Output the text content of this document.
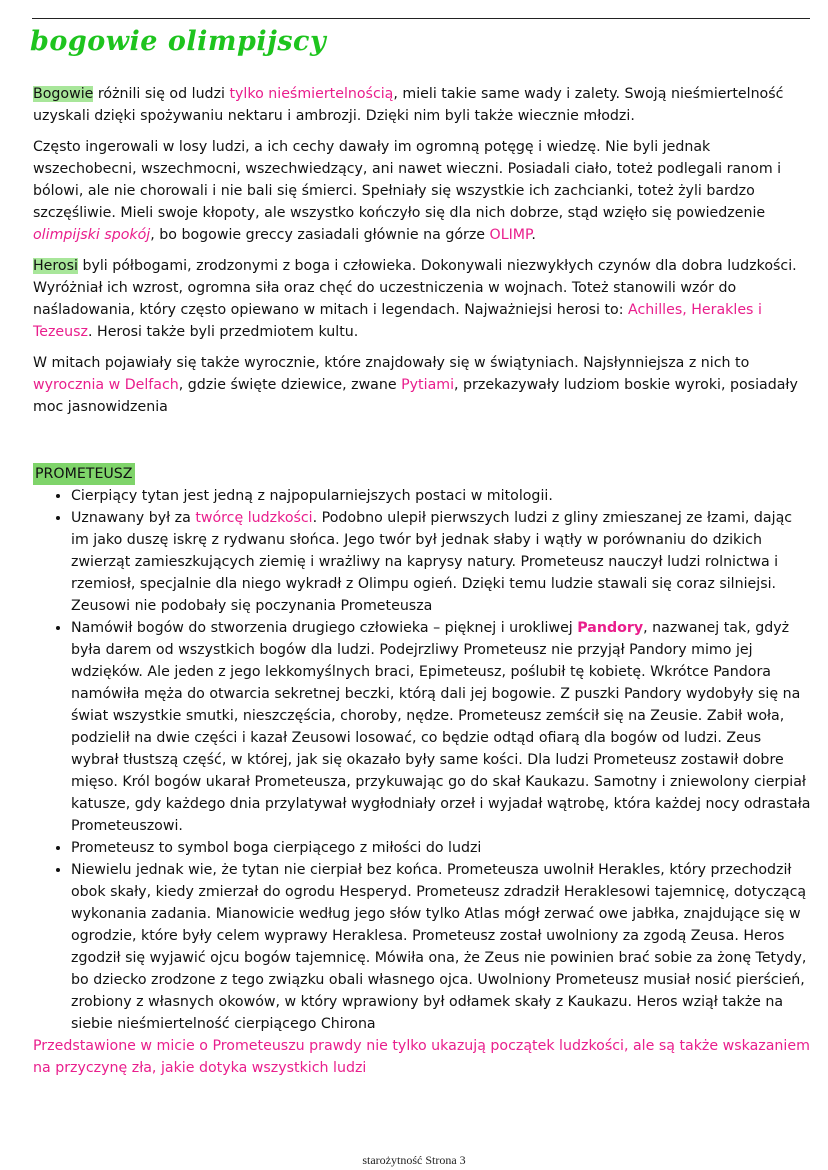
bogowie olimpijscy

Bogowie różnili się od ludzi tylko nieśmiertelnością, mieli takie same wady i zalety. Swoją nieśmiertelność uzyskali dzięki spożywaniu nektaru i ambrozji. Dzięki nim byli także wiecznie młodzi.

Często ingerowali w losy ludzi, a ich cechy dawały im ogromną potęgę i wiedzę. Nie byli jednak wszechobecni, wszechmocni, wszechwiedzący, ani nawet wieczni. Posiadali ciało, toteż podlegali ranom i bólowi, ale nie chorowali i nie bali się śmierci. Spełniały się wszystkie ich zachcianki, toteż żyli bardzo szczęśliwie. Mieli swoje kłopoty, ale wszystko kończyło się dla nich dobrze, stąd wzięło się powiedzenie olimpijski spokój, bo bogowie greccy zasiadali głównie na górze OLIMP.

Herosi byli półbogami, zrodzonymi z boga i człowieka. Dokonywali niezwykłych czynów dla dobra ludzkości. Wyróżniał ich wzrost, ogromna siła oraz chęć do uczestniczenia w wojnach. Toteż stanowili wzór do naśladowania, który często opiewano w mitach i legendach. Najważniejsi herosi to: Achilles, Herakles i Tezeusz. Herosi także byli przedmiotem kultu.

W mitach pojawiały się także wyrocznie, które znajdowały się w świątyniach. Najsłynniejsza z nich to wyrocznia w Delfach, gdzie święte dziewice, zwane Pytiami, przekazywały ludziom boskie wyroki, posiadały moc jasnowidzenia

PROMETEUSZ
• Cierpiący tytan jest jedną z najpopularniejszych postaci w mitologii.
• Uznawany był za twórcę ludzkości. Podobno ulepił pierwszych ludzi z gliny zmieszanej ze łzami, dając im jako duszę iskrę z rydwanu słońca. Jego twór był jednak słaby i wątły w porównaniu do dzikich zwierząt zamieszkujących ziemię i wrażliwy na kaprysy natury. Prometeusz nauczył ludzi rolnictwa i rzemiosł, specjalnie dla niego wykradł z Olimpu ogień. Dzięki temu ludzie stawali się coraz silniejsi. Zeusowi nie podobały się poczynania Prometeusza
• Namówił bogów do stworzenia drugiego człowieka – pięknej i urokliwej Pandory, nazwanej tak, gdyż była darem od wszystkich bogów dla ludzi. Podejrzliwy Prometeusz nie przyjął Pandory mimo jej wdzięków. Ale jeden z jego lekkomyślnych braci, Epimeteusz, poślubił tę kobietę. Wkrótce Pandora namówiła męża do otwarcia sekretnej beczki, którą dali jej bogowie. Z puszki Pandory wydobyły się na świat wszystkie smutki, nieszczęścia, choroby, nędze. Prometeusz zemścił się na Zeusie. Zabił woła, podzielił na dwie części i kazał Zeusowi losować, co będzie odtąd ofiarą dla bogów od ludzi. Zeus wybrał tłustszą część, w której, jak się okazało były same kości. Dla ludzi Prometeusz zostawił dobre mięso. Król bogów ukarał Prometeusza, przykuwając go do skał Kaukazu. Samotny i zniewolony cierpiał katusze, gdy każdego dnia przylatywał wygłodniały orzeł i wyjadał wątrobę, która każdej nocy odrastała Prometeuszowi.
• Prometeusz to symbol boga cierpiącego z miłości do ludzi
• Niewielu jednak wie, że tytan nie cierpiał bez końca. Prometeusza uwolnił Herakles, który przechodził obok skały, kiedy zmierzał do ogrodu Hesperyd. Prometeusz zdradził Heraklesowi tajemnicę, dotyczącą wykonania zadania. Mianowicie według jego słów tylko Atlas mógł zerwać owe jabłka, znajdujące się w ogrodzie, które były celem wyprawy Heraklesa. Prometeusz został uwolniony za zgodą Zeusa. Heros zgodził się wyjawić ojcu bogów tajemnicę. Mówiła ona, że Zeus nie powinien brać sobie za żonę Tetydy, bo dziecko zrodzone z tego związku obali własnego ojca. Uwolniony Prometeusz musiał nosić pierścień, zrobiony z własnych okowów, w który wprawiony był odłamek skały z Kaukazu. Heros wziął także na siebie nieśmiertelność cierpiącego Chirona

Przedstawione w micie o Prometeuszu prawdy nie tylko ukazują początek ludzkości, ale są także wskazaniem na przyczynę zła, jakie dotyka wszystkich ludzi

starożytność Strona 3
